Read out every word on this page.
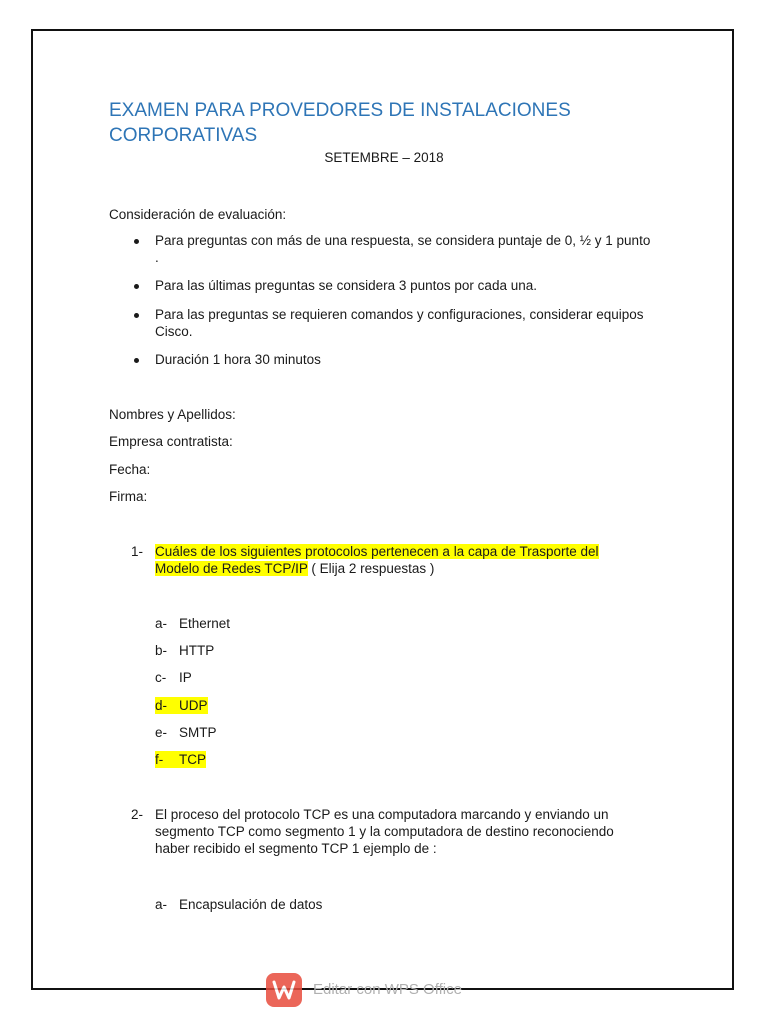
EXAMEN PARA PROVEDORES DE INSTALACIONES CORPORATIVAS
SETEMBRE – 2018
Consideración de evaluación:
Para preguntas con más de una respuesta, se considera puntaje de 0, ½ y 1 punto .
Para las últimas preguntas se considera 3 puntos por cada una.
Para las preguntas se requieren comandos y configuraciones, considerar equipos Cisco.
Duración 1 hora 30 minutos
Nombres y Apellidos:
Empresa contratista:
Fecha:
Firma:
1- Cuáles de los siguientes protocolos pertenecen a la capa de Trasporte del Modelo de Redes TCP/IP ( Elija 2 respuestas )
a- Ethernet
b- HTTP
c- IP
d- UDP
e- SMTP
f-	TCP
2- El proceso del protocolo TCP es una computadora marcando y enviando un segmento TCP como segmento 1 y la computadora de destino reconociendo haber recibido el segmento TCP 1 ejemplo de :
a- Encapsulación de datos
Editar con WPS Office
